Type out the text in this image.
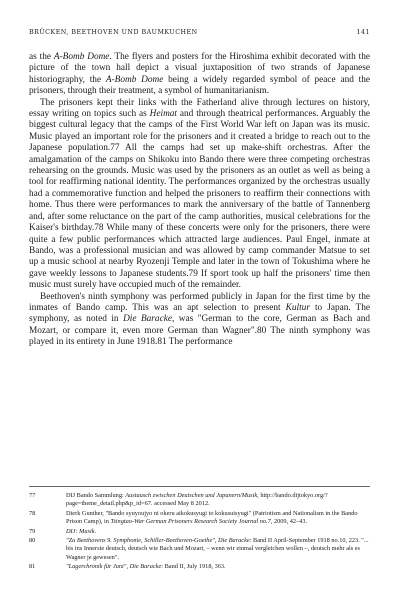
BRÜCKEN, BEETHOVEN UND BAUMKUCHEN	141

as the A-Bomb Dome. The flyers and posters for the Hiroshima exhibit decorated with the picture of the town hall depict a visual juxtaposition of two strands of Japanese historiography, the A-Bomb Dome being a widely regarded symbol of peace and the prisoners, through their treatment, a symbol of humanitarianism.

The prisoners kept their links with the Fatherland alive through lectures on history, essay writing on topics such as Heimat and through theatrical performances. Arguably the biggest cultural legacy that the camps of the First World War left on Japan was its music. Music played an important role for the prisoners and it created a bridge to reach out to the Japanese population.77 All the camps had set up make-shift orchestras. After the amalgamation of the camps on Shikoku into Bando there were three competing orchestras rehearsing on the grounds. Music was used by the prisoners as an outlet as well as being a tool for reaffirming national identity. The performances organized by the orchestras usually had a commemorative function and helped the prisoners to reaffirm their connections with home. Thus there were performances to mark the anniversary of the battle of Tannenberg and, after some reluctance on the part of the camp authorities, musical celebrations for the Kaiser's birthday.78 While many of these concerts were only for the prisoners, there were quite a few public performances which attracted large audiences. Paul Engel, inmate at Bando, was a professional musician and was allowed by camp commander Matsue to set up a music school at nearby Ryozenji Temple and later in the town of Tokushima where he gave weekly lessons to Japanese students.79 If sport took up half the prisoners' time then music must surely have occupied much of the remainder.

Beethoven's ninth symphony was performed publicly in Japan for the first time by the inmates of Bando camp. This was an apt selection to present Kultur to Japan. The symphony, as noted in Die Baracke, was "German to the core, German as Bach and Mozart, or compare it, even more German than Wagner".80 The ninth symphony was played in its entirety in June 1918.81 The performance

77	DIJ Bando Sammlung: Austausch zwischen Deutschen und Japanern/Musik, http://bando.dijtokyo.org/?page=theme_detail.php&p_id=67. accessed May 8 2012.
78	Dierk Gunther, "Bando syuyoujyo ni okeru aikokusyugi to kokusuisyugi" (Patriotism and Nationalism in the Bando Prison Camp), in Tsingtao-War German Prisoners Research Society Journal no.7, 2009, 42–43.
79	DIJ: Musik.
80	"Zu Beethovens 9. Symphonie, Schiller-Beethoven-Goethe", Die Baracke: Band II April-September 1918 no.10, 223. "... bis ins Innerste deutsch, deutsch wie Bach und Mozart, – wenn wir einmal vergleichen wollen –, deutsch mehr als es Wagner je gewesen".
81	"Lagerchronik für Juni", Die Baracke: Band II, July 1918, 363.
